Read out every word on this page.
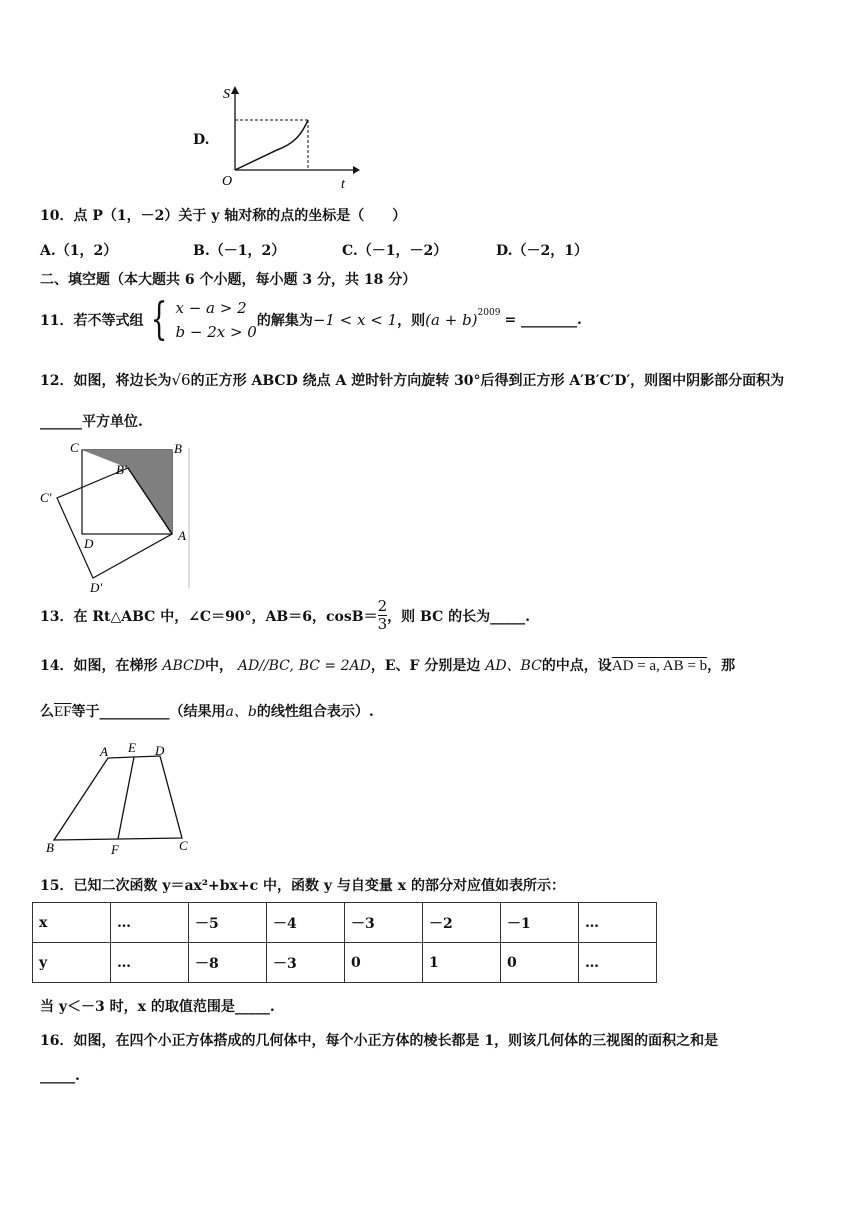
D.
S
O	t
10．点 P（1，－2）关于 y 轴对称的点的坐标是（　　）
A.（1，2）	B.（－1，2）	C.（－1，－2）	D.（－2，1）
二、填空题（本大题共 6 个小题，每小题 3 分，共 18 分）
11．若不等式组 { x − a > 2
b − 2x > 0
的解集为 −1 < x < 1 ，则 $(a + b)^{2009}$ = ________.
12．如图，将边长为√6的正方形 ABCD 绕点 A 逆时针方向旋转 30°后得到正方形 A′B′C′D′，则图中阴影部分面积为
______平方单位.
C	B
B′
C′
D
A
D′
13．在 Rt△ABC 中，∠C＝90°，AB＝6，$\cos B= \frac{2}{3}$ ，则 BC 的长为_____.
14．如图，在梯形 ABCD中， AD//BC, BC = 2AD，E、F 分别是边 AD、BC的中点，设AD = a, AB = b，那
么$\overline{EF}$等于__________（结果用a、b的线性组合表示）.
A E D
B	F	C
15．已知二次函数 y＝ax²+bx+c 中，函数 y 与自变量 x 的部分对应值如表所示：
x	…	－5	－4	－3	－2	－1	…
y	…	－8	－3	0	1	0	…
当 y＜－3 时，x 的取值范围是_____.
16．如图，在四个小正方体搭成的几何体中，每个小正方体的棱长都是 1，则该几何体的三视图的面积之和是
_____.
